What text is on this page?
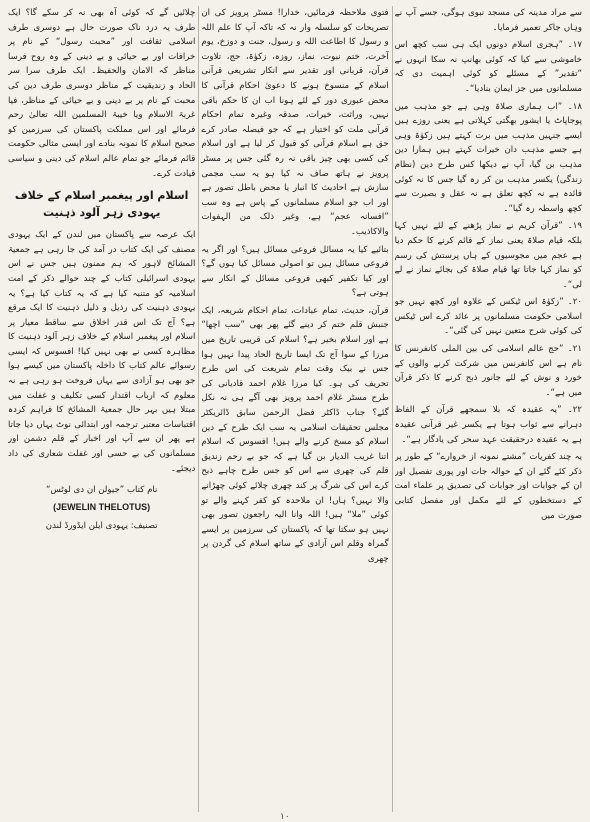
سے مراد مدینہ کی مسجد نبوی ہوگی، جسے آپ نے وہاں جاکر تعمیر فرمایا۔

۱۷۔ ”ہجری اسلام دونوں ایک ہی سب کچھ اس خاموشی سے کیا کہ کوئی بھانپ نہ سکا انہوں نے “تقدیر” کے مسئلے کو کوئی اہمیت دی کہ مسلمانوں میں جز ایمان بنادیا“۔

۱۸۔ ”اب ہماری صلاۃ وہی ہے جو مذہب میں پوجاپاٹ یا ایشور بھگتی کہلاتی ہے یعنی روزے ہیں ایسے جنہیں مذہب میں برت کہتے ہیں زکوٰۃ وہی ہے جسے مذہب دان خیرات کہتے ہیں ہمارا دین مذہب بن گیا، آپ نے دیکھا کس طرح دین (نظام زندگی) یکسر مذہب بن کر رہ گیا جس کا نہ کوئی فائدہ ہے نہ کچھ تعلق ہے نہ عقل و بصیرت سے کچھ واسطہ رہ گیا“۔

۱۹۔ ”قرآن کریم نے نماز پڑھنے کے لئے نہیں کہا بلکہ قیام صلاۃ یعنی نماز کے قائم کرنے کا حکم دیا ہے عجم میں مجوسیوں کے ہاں پرستش کی رسم کو نماز کہا جاتا تھا قیام صلاۃ کی بجائے نماز نے لے لی“۔

۲۰۔ ”زکوٰۃ اس ٹیکس کے علاوہ اور کچھ نہیں جو اسلامی حکومت مسلمانوں پر عائد کرے اس ٹیکس کی کوئی شرح متعین نہیں کی گئی“۔

۲۱۔ ”حج عالم اسلامی کی بین الملی کانفرنس کا نام ہے اس کانفرنس میں شرکت کرنے والوں کے خورد و نوش کے لئے جانور ذبح کرنے کا ذکر قرآن میں ہے“۔

۲۲۔ ”یہ عقیدہ کہ بلا سمجھے قرآن کے الفاظ دہرانے سے ثواب ہوتا ہے یکسر غیر قرآنی عقیدہ ہے یہ عقیدہ درحقیقت عہد سحر کی یادگار ہے“۔

یہ چند کفریات ”مشتے نمونہ از خروارے“ کے طور پر ذکر کئے گئے ان کے حوالہ جات اور پوری تفصیل اور ان کے جوابات اور جوابات کی تصدیق پر علماء امت کے دستخطوں کے لئے مکمل اور مفصل کتابی صورت میں

فتوی ملاحظہ فرمائیں، خدارا! مسٹر پرویز کی ان تصریحات کو سلسلہ وار نہ کہ تاکہ آپ کا علم اللہ و رسول کا اطاعت اللہ و رسول، جنت و دوزخ، یوم آخرت، ختم نبوت، نماز، روزہ، زکوٰۃ، حج، تلاوت قرآن، قربانی اور تقدیر سے انکار تشریعی قرآنی اسلام کے منسوخ ہونے کا دعویٰ احکام قرآنی کا محض عبوری دور کے لئے ہونا اب ان کا حکم باقی نہیں، وراثت، خیرات، صدقہ وغیرہ تمام احکام قرآنی ملت کو اختیار ہے کہ جو فیصلہ صادر کرے حق ہے اسلام قرآنی کو قبول کر لیا ہے اور اسلام کی کسی بھی چیز باقی نہ رہ گئی جس پر مسٹر پرویز نے ہاتھ صاف نہ کیا ہو یہ سب مجمی سازش ہے احادیث کا انبار یا محض باطل تصور ہے اور اب جو اسلام مسلمانوں کے پاس ہے وہ سب ”افسانہ عجم“ ہے، وغیر ذلک من الہفوات والاکاذیب۔

بتائیے کیا یہ مسائل فروعی مسائل ہیں؟ اور اگر یہ فروعی مسائل ہیں تو اصولی مسائل کیا ہوں گے؟ اور کیا تکفیر کبھی فروعی مسائل کے انکار سے ہوتی ہے؟

قرآن، حدیث، تمام عبادات، تمام احکام شریعہ، ایک جنبش قلم ختم کر دینے گئے پھر بھی ”سب اچھا“ ہے اور اسلام بخیر ہے؟ اسلام کی قریبی تاریخ میں مرزا کے سوا آج تک ایسا تاریخ الحاد پیدا نہیں ہوا جس نے بیک وقت تمام شریعت کی اس طرح تحریف کی ہو۔ کیا مرزا غلام احمد قادیانی کی طرح مسٹر غلام احمد پرویز بھی آگے ہی نہ نکل گئے؟ جناب ڈاکٹر فضل الرحمن سابق ڈائریکٹر مجلس تحقیقات اسلامی یہ سب ایک طرح کے دین اسلام کو مسخ کرنے والے ہیں! افسوس کہ اسلام اتنا غریب الدیار بن گیا ہے کہ جو بے رحم زندیق قلم کی چھری سے اس کو جس طرح چاہے ذبح کرے اس کی شرگ پر کند چھری چلائے کوئی چھڑانے والا نہیں؟ ہاں! ان ملاحدہ کو کفر کہنے والے تو کوئی ”ملا“ ہیں! اللہ وانا الیہ راجعون تصور بھی نہیں ہو سکتا تھا کہ پاکستان کی سرزمین پر ایسے گمراہ وقلم اس آزادی کے ساتھ اسلام کی گردن پر چھری

چلائیں گے کہ کوئی آہ بھی نہ کر سکے گا؟ ایک طرف یہ درد ناک صورت حال ہے دوسری طرف اسلامی ثقافت اور ”محبت رسول“ کے نام پر خرافات اور بے حیائی و بے دینی کے وہ روح فرسا مناظر کہ الامان والحفیظ۔ ایک طرف سرا سر الحاد و زندیقیت کے مناظر دوسری طرف دین کی محبت کے نام پر بے دینی و بے حیائی کے مناظر، فیا غربۃ الاسلام ویا خیبۃ المسلمین اللہ تعالیٰ رحم فرمائے اور اس مملکت پاکستان کی سرزمین کو صحیح اسلام کا نمونہ بنادے اور ایسی مثالی حکومت قائم فرمائے جو تمام عالم اسلام کی دینی و سیاسی قیادت کرے۔

اسلام اور پیغمبر اسلام کے خلاف یہودی زہر آلود ذہنیت

ایک عرصہ سے پاکستان میں لندن کے ایک یہودی مصنف کی ایک کتاب در آمد کی جا رہی ہے جمعیۃ المشائخ لاہور کہ ہم ممنون ہیں جس نے اس یہودی اسرائیلی کتاب کے چند حوالے ذکر کے امت اسلامیہ کو متنبہ کیا ہے کہ یہ کتاب کیا ہے؟ یہ یہودی ذہنیت کی رذیل و ذلیل ذہنیت کا ایک مرقع ہے؟ آج تک اس قدر اخلاق سے ساقط معیار پر اسلام اور پیغمبر اسلام کے خلاف زہر آلود ذہنیت کا مظاہرہ کسی نے بھی نہیں کیا! افسوس کہ ایسی رسوائے عالم کتاب کا داخلہ پاکستان میں کیسے ہوا جو بھی ہو آزادی سے یہاں فروخت ہو رہی ہے نہ معلوم کہ ارباب اقتدار کسی تکلیف و غفلت میں مبتلا ہیں بہر حال جمعیۃ المشائخ کا فراہم کردہ اقتباسات معتبر ترجمہ اور ابتدائی نوٹ یہاں دیا جاتا ہے پھر ان سے آپ اور اخبار کے قلم دشمن اور مسلمانوں کی بے حسی اور غفلت شعاری کی داد دیجئے۔

نام کتاب ”جیولن ان دی لوٹس“

(JEWELIN THELOTUS)

تصنیف: یہودی ایلن ایڈورڈ لندن

۱۰
